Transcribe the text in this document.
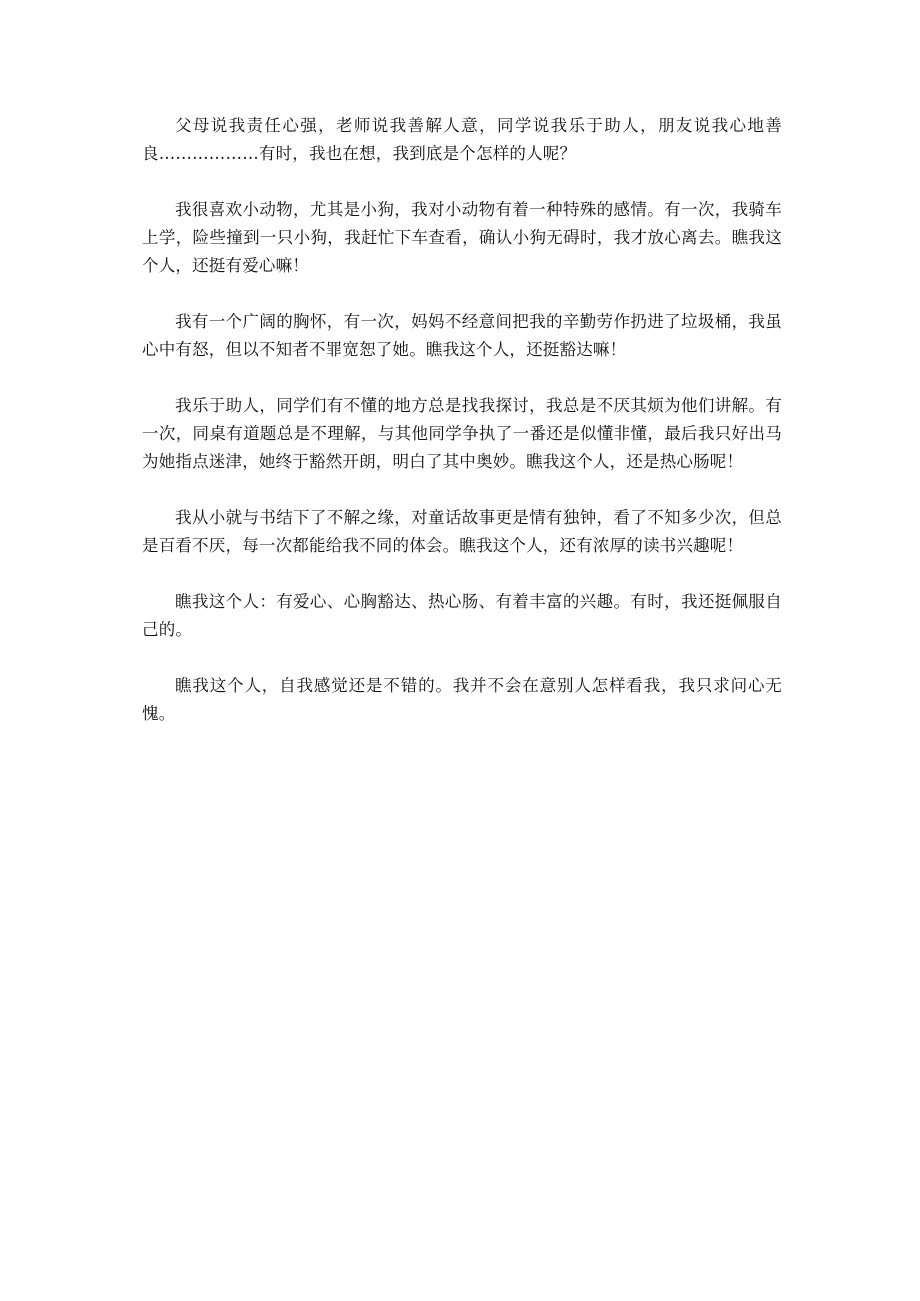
父母说我责任心强，老师说我善解人意，同学说我乐于助人，朋友说我心地善良………………有时，我也在想，我到底是个怎样的人呢？

我很喜欢小动物，尤其是小狗，我对小动物有着一种特殊的感情。有一次，我骑车上学，险些撞到一只小狗，我赶忙下车查看，确认小狗无碍时，我才放心离去。瞧我这个人，还挺有爱心嘛！

我有一个广阔的胸怀，有一次，妈妈不经意间把我的辛勤劳作扔进了垃圾桶，我虽心中有怒，但以不知者不罪宽恕了她。瞧我这个人，还挺豁达嘛！

我乐于助人，同学们有不懂的地方总是找我探讨，我总是不厌其烦为他们讲解。有一次，同桌有道题总是不理解，与其他同学争执了一番还是似懂非懂，最后我只好出马为她指点迷津，她终于豁然开朗，明白了其中奥妙。瞧我这个人，还是热心肠呢！

我从小就与书结下了不解之缘，对童话故事更是情有独钟，看了不知多少次，但总是百看不厌，每一次都能给我不同的体会。瞧我这个人，还有浓厚的读书兴趣呢！

瞧我这个人：有爱心、心胸豁达、热心肠、有着丰富的兴趣。有时，我还挺佩服自己的。

瞧我这个人，自我感觉还是不错的。我并不会在意别人怎样看我，我只求问心无愧。
